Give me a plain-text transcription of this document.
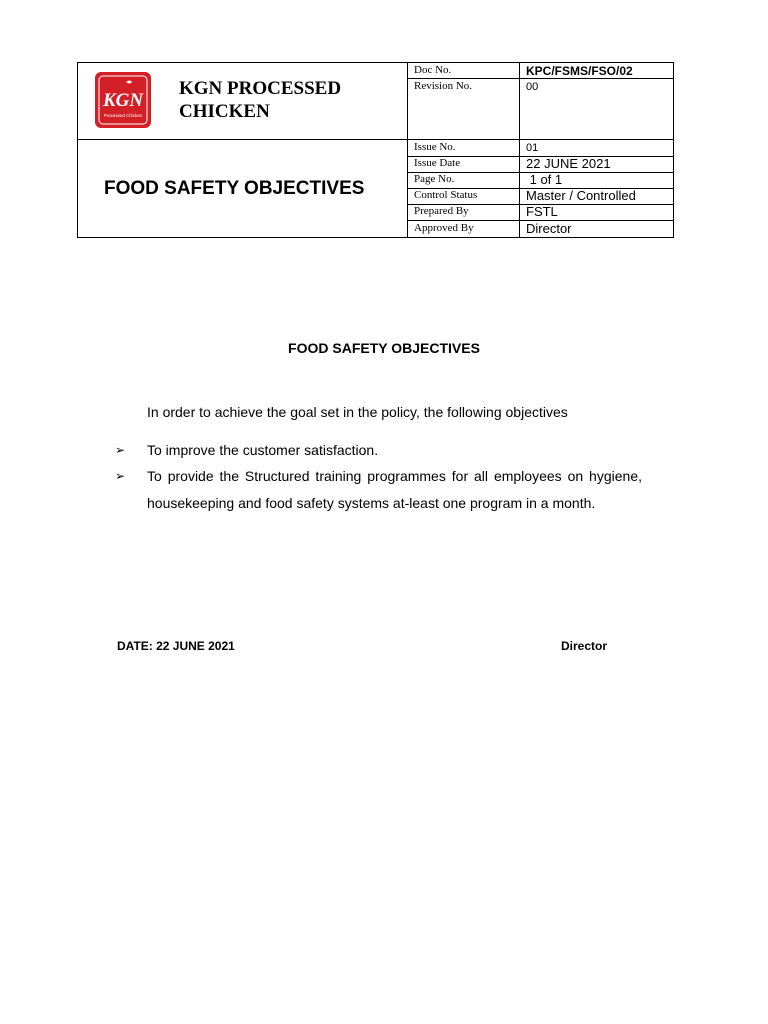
KGN
Processed Chicken
KGN PROCESSED CHICKEN
FOOD SAFETY OBJECTIVES
Doc No.	KPC/FSMS/FSO/02
Revision No.	00
Issue No.	01
Issue Date	22 JUNE 2021
Page No.	1 of 1
Control Status	Master / Controlled
Prepared By	FSTL
Approved By	Director
FOOD SAFETY OBJECTIVES
In order to achieve the goal set in the policy, the following objectives
➢ To improve the customer satisfaction.
➢ To provide the Structured training programmes for all employees on hygiene, housekeeping and food safety systems at-least one program in a month.
DATE: 22 JUNE 2021	Director
